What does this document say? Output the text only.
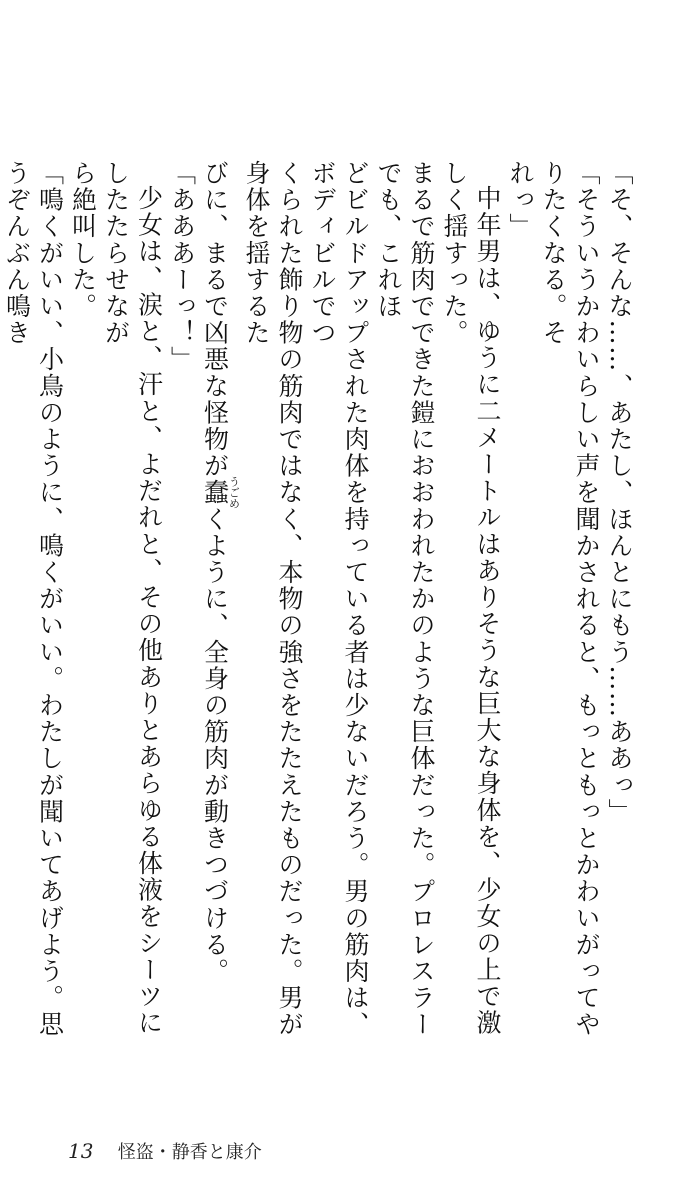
「そ、そんな……、あたし、ほんとにもう……ああっ」

「そういうかわいらしい声を聞かされると、もっともっとかわいがってやりたくなる。そ

れっ」

中年男は、ゆうに二メートルはありそうな巨大な身体を、少女の上で激しく揺すった。

まるで筋肉でできた鎧におおわれたかのような巨体だった。プロレスラーでも、これほ

どビルドアップされた肉体を持っている者は少ないだろう。男の筋肉は、ボディビルでつ

くられた飾り物の筋肉ではなく、本物の強さをたたえたものだった。男が身体を揺するた

びに、まるで凶悪な怪物が蠢うごめくように、全身の筋肉が動きつづける。

「あああーっ！」

少女は、涙と、汗と、よだれと、その他ありとあらゆる体液をシーツにしたたらせなが

ら絶叫した。

「鳴くがいい、小鳥のように、鳴くがいい。わたしが聞いてあげよう。思うぞんぶん鳴き

13 怪盗・静香と康介
